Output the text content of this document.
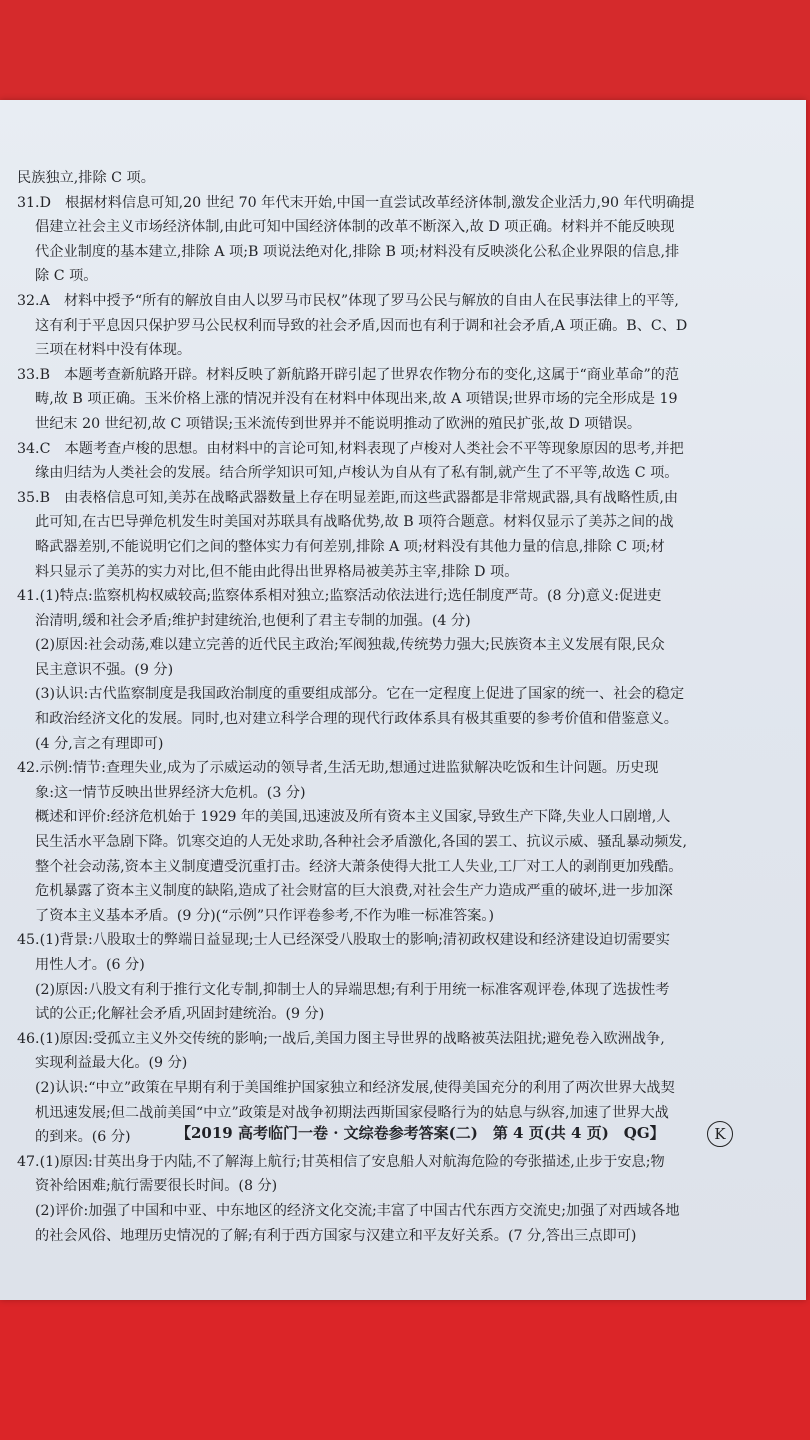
民族独立,排除 C 项。
31.D　根据材料信息可知,20 世纪 70 年代末开始,中国一直尝试改革经济体制,激发企业活力,90 年代明确提
倡建立社会主义市场经济体制,由此可知中国经济体制的改革不断深入,故 D 项正确。材料并不能反映现
代企业制度的基本建立,排除 A 项;B 项说法绝对化,排除 B 项;材料没有反映淡化公私企业界限的信息,排
除 C 项。
32.A　材料中授予“所有的解放自由人以罗马市民权”体现了罗马公民与解放的自由人在民事法律上的平等,
这有利于平息因只保护罗马公民权利而导致的社会矛盾,因而也有利于调和社会矛盾,A 项正确。B、C、D
三项在材料中没有体现。
33.B　本题考查新航路开辟。材料反映了新航路开辟引起了世界农作物分布的变化,这属于“商业革命”的范
畴,故 B 项正确。玉米价格上涨的情况并没有在材料中体现出来,故 A 项错误;世界市场的完全形成是 19
世纪末 20 世纪初,故 C 项错误;玉米流传到世界并不能说明推动了欧洲的殖民扩张,故 D 项错误。
34.C　本题考查卢梭的思想。由材料中的言论可知,材料表现了卢梭对人类社会不平等现象原因的思考,并把
缘由归结为人类社会的发展。结合所学知识可知,卢梭认为自从有了私有制,就产生了不平等,故选 C 项。
35.B　由表格信息可知,美苏在战略武器数量上存在明显差距,而这些武器都是非常规武器,具有战略性质,由
此可知,在古巴导弹危机发生时美国对苏联具有战略优势,故 B 项符合题意。材料仅显示了美苏之间的战
略武器差别,不能说明它们之间的整体实力有何差别,排除 A 项;材料没有其他力量的信息,排除 C 项;材
料只显示了美苏的实力对比,但不能由此得出世界格局被美苏主宰,排除 D 项。
41.(1)特点:监察机构权威较高;监察体系相对独立;监察活动依法进行;选任制度严苛。(8 分)意义:促进吏
治清明,缓和社会矛盾;维护封建统治,也便利了君主专制的加强。(4 分)
(2)原因:社会动荡,难以建立完善的近代民主政治;军阀独裁,传统势力强大;民族资本主义发展有限,民众
民主意识不强。(9 分)
(3)认识:古代监察制度是我国政治制度的重要组成部分。它在一定程度上促进了国家的统一、社会的稳定
和政治经济文化的发展。同时,也对建立科学合理的现代行政体系具有极其重要的参考价值和借鉴意义。
(4 分,言之有理即可)
42.示例:情节:查理失业,成为了示威运动的领导者,生活无助,想通过进监狱解决吃饭和生计问题。历史现
象:这一情节反映出世界经济大危机。(3 分)
概述和评价:经济危机始于 1929 年的美国,迅速波及所有资本主义国家,导致生产下降,失业人口剧增,人
民生活水平急剧下降。饥寒交迫的人无处求助,各种社会矛盾激化,各国的罢工、抗议示威、骚乱暴动频发,
整个社会动荡,资本主义制度遭受沉重打击。经济大萧条使得大批工人失业,工厂对工人的剥削更加残酷。
危机暴露了资本主义制度的缺陷,造成了社会财富的巨大浪费,对社会生产力造成严重的破坏,进一步加深
了资本主义基本矛盾。(9 分)(“示例”只作评卷参考,不作为唯一标准答案。)
45.(1)背景:八股取士的弊端日益显现;士人已经深受八股取士的影响;清初政权建设和经济建设迫切需要实
用性人才。(6 分)
(2)原因:八股文有利于推行文化专制,抑制士人的异端思想;有利于用统一标准客观评卷,体现了选拔性考
试的公正;化解社会矛盾,巩固封建统治。(9 分)
46.(1)原因:受孤立主义外交传统的影响;一战后,美国力图主导世界的战略被英法阻扰;避免卷入欧洲战争,
实现利益最大化。(9 分)
(2)认识:“中立”政策在早期有利于美国维护国家独立和经济发展,使得美国充分的利用了两次世界大战契
机迅速发展;但二战前美国“中立”政策是对战争初期法西斯国家侵略行为的姑息与纵容,加速了世界大战
的到来。(6 分)
47.(1)原因:甘英出身于内陆,不了解海上航行;甘英相信了安息船人对航海危险的夸张描述,止步于安息;物
资补给困难;航行需要很长时间。(8 分)
(2)评价:加强了中国和中亚、中东地区的经济文化交流;丰富了中国古代东西方交流史;加强了对西域各地
的社会风俗、地理历史情况的了解;有利于西方国家与汉建立和平友好关系。(7 分,答出三点即可)
【2019 高考临门一卷 · 文综卷参考答案(二)　第 4 页(共 4 页)　QG】	K
